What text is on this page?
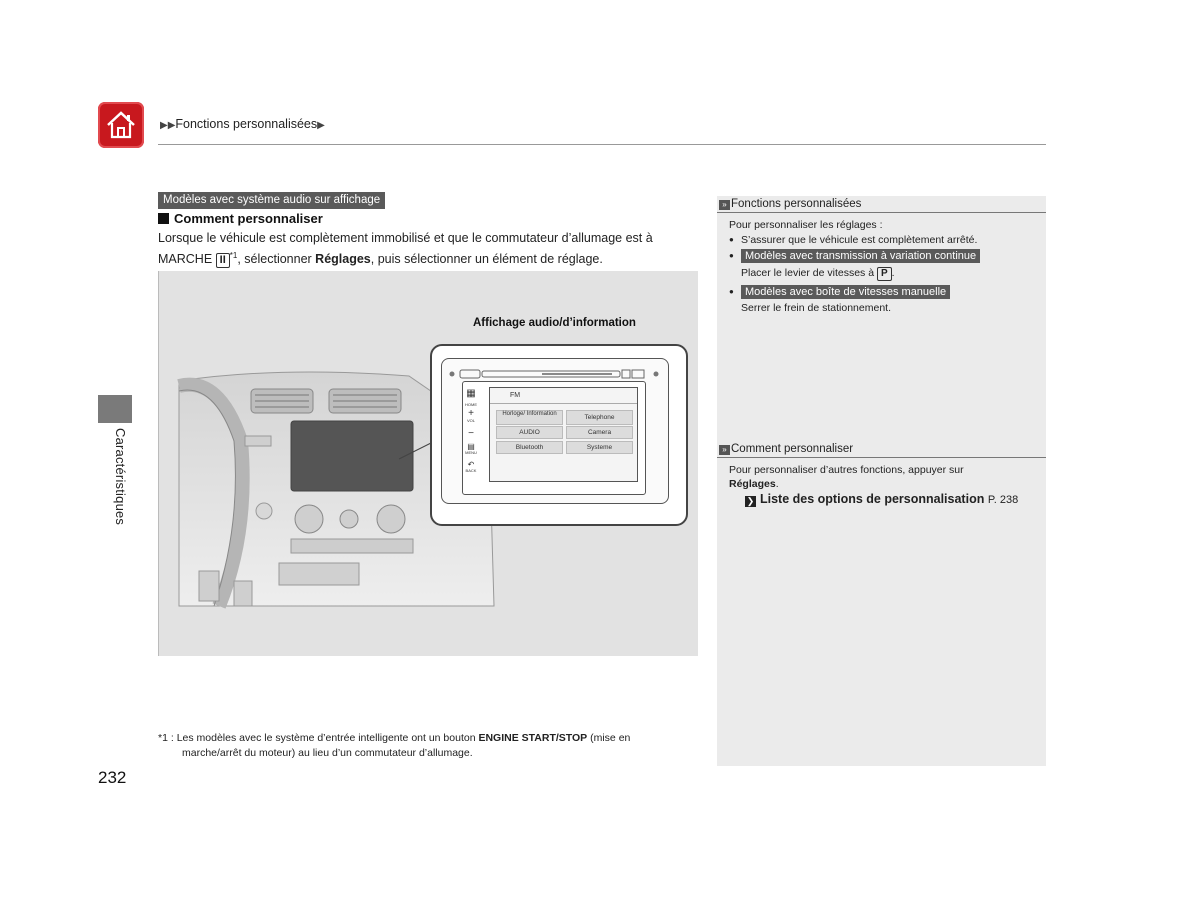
▶▶Fonctions personnalisées▶
Caractéristiques
Modèles avec système audio sur affichage
Comment personnaliser
Lorsque le véhicule est complètement immobilisé et que le commutateur d’allumage est à
MARCHE II $^{*1}$, sélectionner Réglages, puis sélectionner un élément de réglage.
▦
HOME
+
VOL
−
▤
MENU
↶
BACK
FM
Horloge/ Information	Telephone
AUDIO	Camera
Bluetooth	Systeme
Affichage audio/d’information
*1 : Les modèles avec le système d’entrée intelligente ont un bouton ENGINE START/STOP (mise en
marche/arrêt du moteur) au lieu d’un commutateur d’allumage.
232
» Fonctions personnalisées
Pour personnaliser les réglages :
● S’assurer que le véhicule est complètement arrêté.
● Modèles avec transmission à variation continue
Placer le levier de vitesses à P .
● Modèles avec boîte de vitesses manuelle
Serrer le frein de stationnement.
» Comment personnaliser
Pour personnaliser d’autres fonctions, appuyer sur
Réglages.
❯ Liste des options de personnalisation P. 238
